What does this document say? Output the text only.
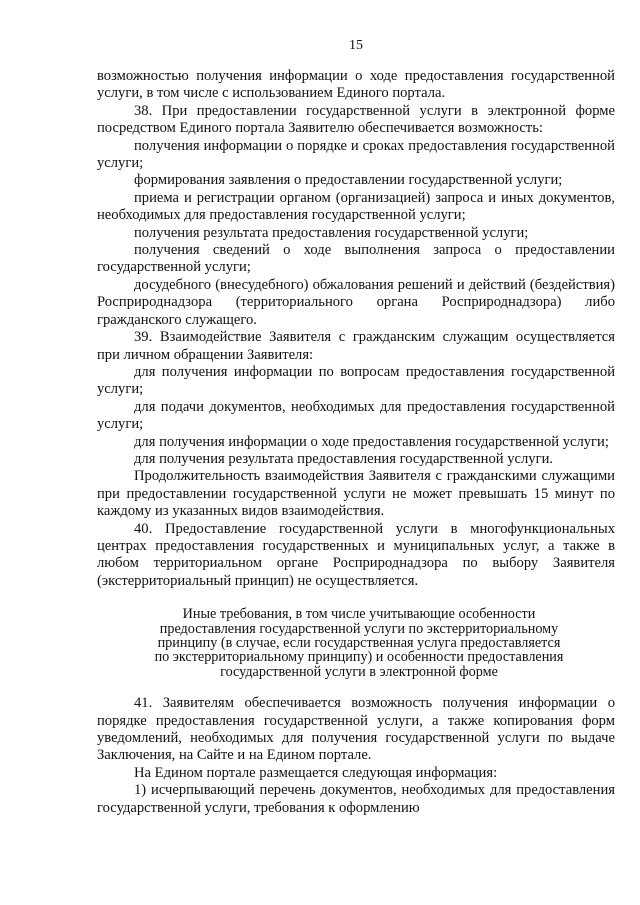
15

возможностью получения информации о ходе предоставления государственной услуги, в том числе с использованием Единого портала.

38. При предоставлении государственной услуги в электронной форме посредством Единого портала Заявителю обеспечивается возможность:

получения информации о порядке и сроках предоставления государственной услуги;

формирования заявления о предоставлении государственной услуги;

приема и регистрации органом (организацией) запроса и иных документов, необходимых для предоставления государственной услуги;

получения результата предоставления государственной услуги;

получения сведений о ходе выполнения запроса о предоставлении государственной услуги;

досудебного (внесудебного) обжалования решений и действий (бездействия) Росприроднадзора (территориального органа Росприроднадзора) либо гражданского служащего.

39. Взаимодействие Заявителя с гражданским служащим осуществляется при личном обращении Заявителя:

для получения информации по вопросам предоставления государственной услуги;

для подачи документов, необходимых для предоставления государственной услуги;

для получения информации о ходе предоставления государственной услуги;

для получения результата предоставления государственной услуги.

Продолжительность взаимодействия Заявителя с гражданскими служащими при предоставлении государственной услуги не может превышать 15 минут по каждому из указанных видов взаимодействия.

40. Предоставление государственной услуги в многофункциональных центрах предоставления государственных и муниципальных услуг, а также в любом территориальном органе Росприроднадзора по выбору Заявителя (экстерриториальный принцип) не осуществляется.

Иные требования, в том числе учитывающие особенности
предоставления государственной услуги по экстерриториальному
принципу (в случае, если государственная услуга предоставляется
по экстерриториальному принципу) и особенности предоставления
государственной услуги в электронной форме

41. Заявителям обеспечивается возможность получения информации о порядке предоставления государственной услуги, а также копирования форм уведомлений, необходимых для получения государственной услуги по выдаче Заключения, на Сайте и на Едином портале.

На Едином портале размещается следующая информация:

1) исчерпывающий перечень документов, необходимых для предоставления государственной услуги, требования к оформлению
